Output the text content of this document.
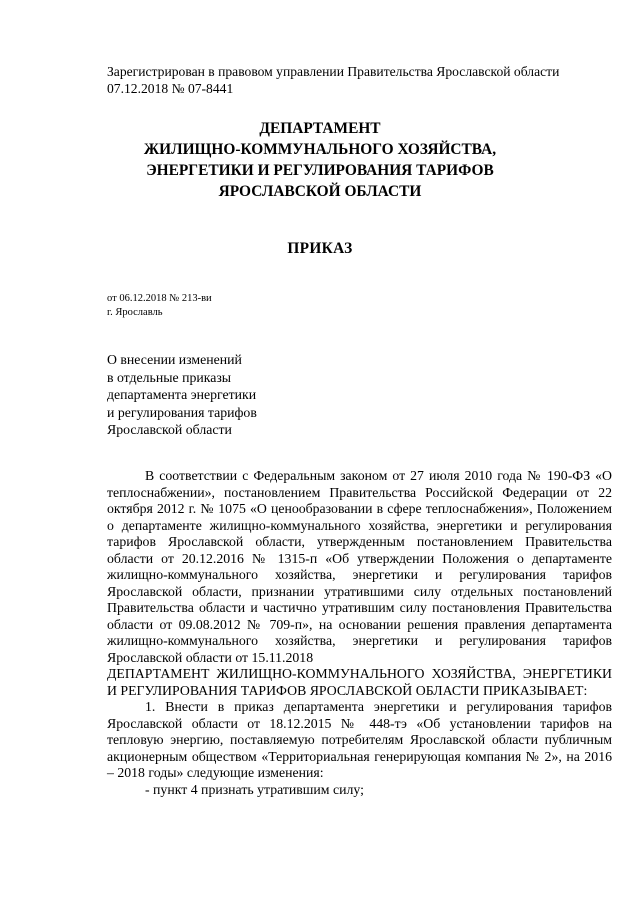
Зарегистрирован в правовом управлении Правительства Ярославской области
07.12.2018 № 07-8441
ДЕПАРТАМЕНТ
ЖИЛИЩНО-КОММУНАЛЬНОГО ХОЗЯЙСТВА,
ЭНЕРГЕТИКИ И РЕГУЛИРОВАНИЯ ТАРИФОВ
ЯРОСЛАВСКОЙ ОБЛАСТИ
ПРИКАЗ
от 06.12.2018 № 213-ви
г. Ярославль
О внесении изменений
в отдельные приказы
департамента энергетики
и регулирования тарифов
Ярославской области

В соответствии с Федеральным законом от 27 июля 2010 года № 190-ФЗ «О теплоснабжении», постановлением Правительства Российской Федерации от 22 октября 2012 г. № 1075 «О ценообразовании в сфере теплоснабжения», Положением о департаменте жилищно-коммунального хозяйства, энергетики и регулирования тарифов Ярославской области, утвержденным постановлением Правительства области от 20.12.2016 № 1315-п «Об утверждении Положения о департаменте жилищно-коммунального хозяйства, энергетики и регулирования тарифов Ярославской области, признании утратившими силу отдельных постановлений Правительства области и частично утратившим силу постановления Правительства области от 09.08.2012 № 709-п», на основании решения правления департамента жилищно-коммунального хозяйства, энергетики и регулирования тарифов Ярославской области от 15.11.2018

ДЕПАРТАМЕНТ ЖИЛИЩНО-КОММУНАЛЬНОГО ХОЗЯЙСТВА, ЭНЕРГЕТИКИ И РЕГУЛИРОВАНИЯ ТАРИФОВ ЯРОСЛАВСКОЙ ОБЛАСТИ ПРИКАЗЫВАЕТ:

1. Внести в приказ департамента энергетики и регулирования тарифов Ярославской области от 18.12.2015 № 448-тэ «Об установлении тарифов на тепловую энергию, поставляемую потребителям Ярославской области публичным акционерным обществом «Территориальная генерирующая компания № 2», на 2016 – 2018 годы» следующие изменения:

- пункт 4 признать утратившим силу;
